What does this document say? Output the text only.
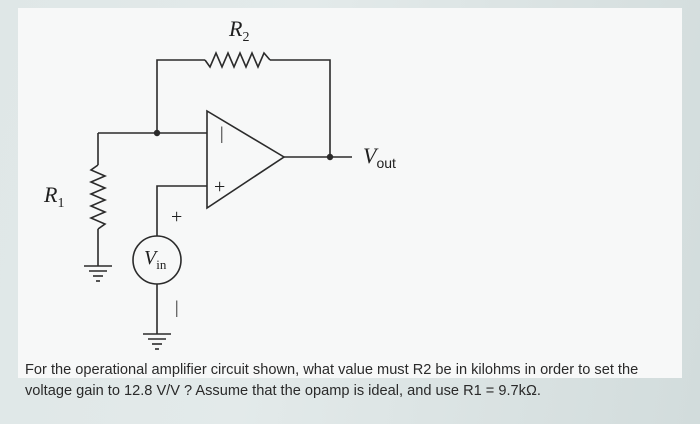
$R_2$
$R_1$
$V_{out}$
$V_{in}$
+
|
|
+

For the operational amplifier circuit shown, what value must R2 be in kilohms in order to set the

voltage gain to 12.8 V/V ? Assume that the opamp is ideal, and use R1 = 9.7kΩ.
